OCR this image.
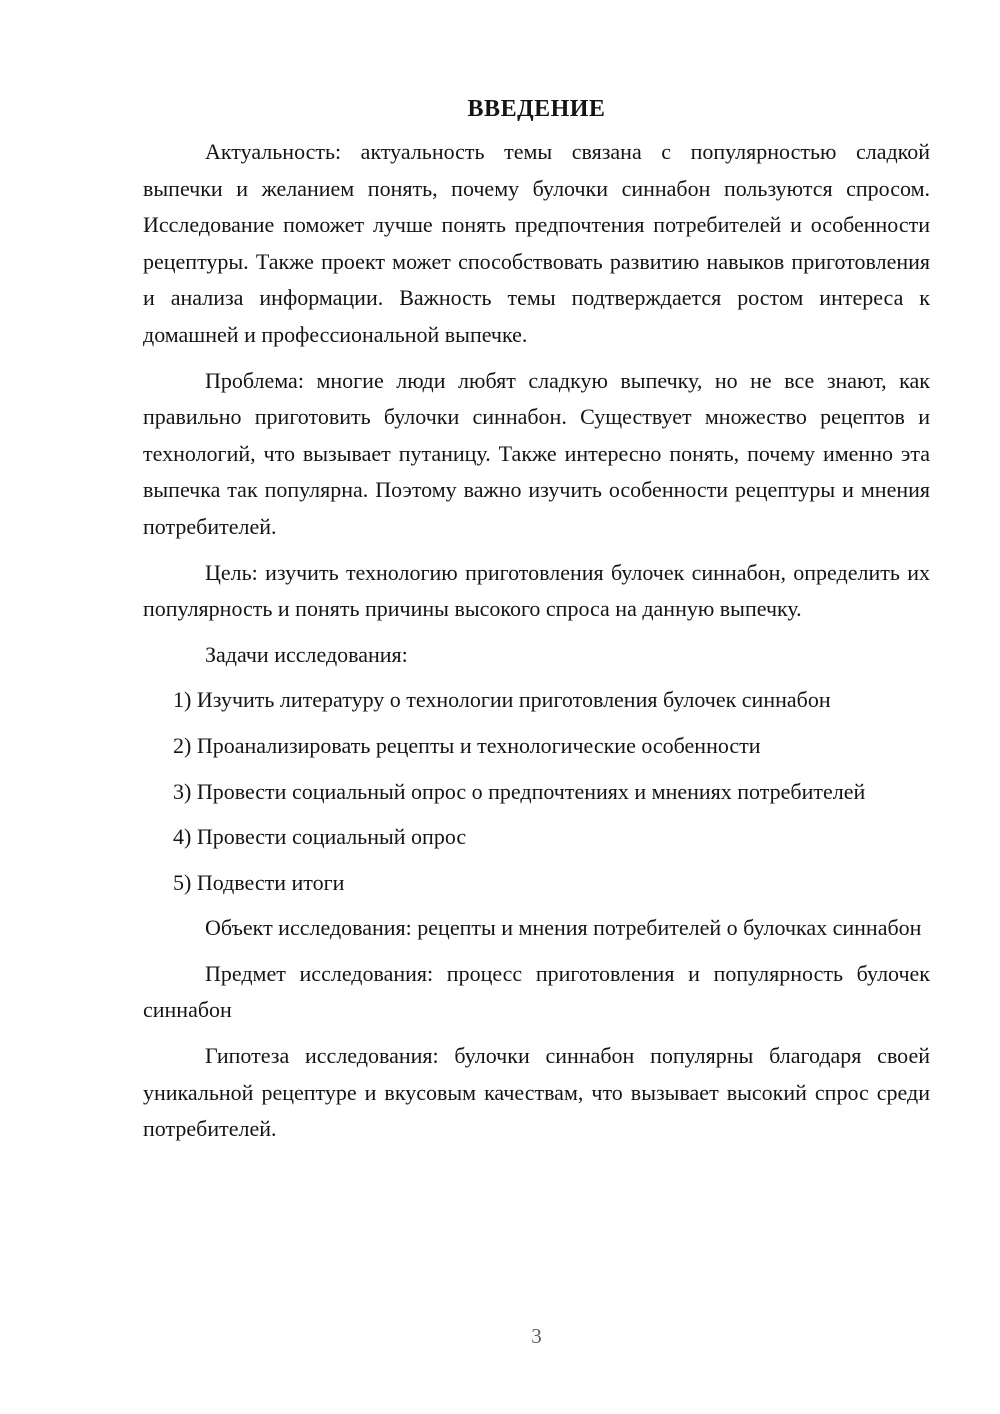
ВВЕДЕНИЕ

Актуальность: актуальность темы связана с популярностью сладкой выпечки и желанием понять, почему булочки синнабон пользуются спросом. Исследование поможет лучше понять предпочтения потребителей и особенности рецептуры. Также проект может способствовать развитию навыков приготовления и анализа информации. Важность темы подтверждается ростом интереса к домашней и профессиональной выпечке.

Проблема: многие люди любят сладкую выпечку, но не все знают, как правильно приготовить булочки синнабон. Существует множество рецептов и технологий, что вызывает путаницу. Также интересно понять, почему именно эта выпечка так популярна. Поэтому важно изучить особенности рецептуры и мнения потребителей.

Цель: изучить технологию приготовления булочек синнабон, определить их популярность и понять причины высокого спроса на данную выпечку.

Задачи исследования:

1) Изучить литературу о технологии приготовления булочек синнабон

2) Проанализировать рецепты и технологические особенности

3) Провести социальный опрос о предпочтениях и мнениях потребителей

4) Провести социальный опрос

5) Подвести итоги

Объект исследования: рецепты и мнения потребителей о булочках синнабон

Предмет исследования: процесс приготовления и популярность булочек синнабон

Гипотеза исследования: булочки синнабон популярны благодаря своей уникальной рецептуре и вкусовым качествам, что вызывает высокий спрос среди потребителей.

3
